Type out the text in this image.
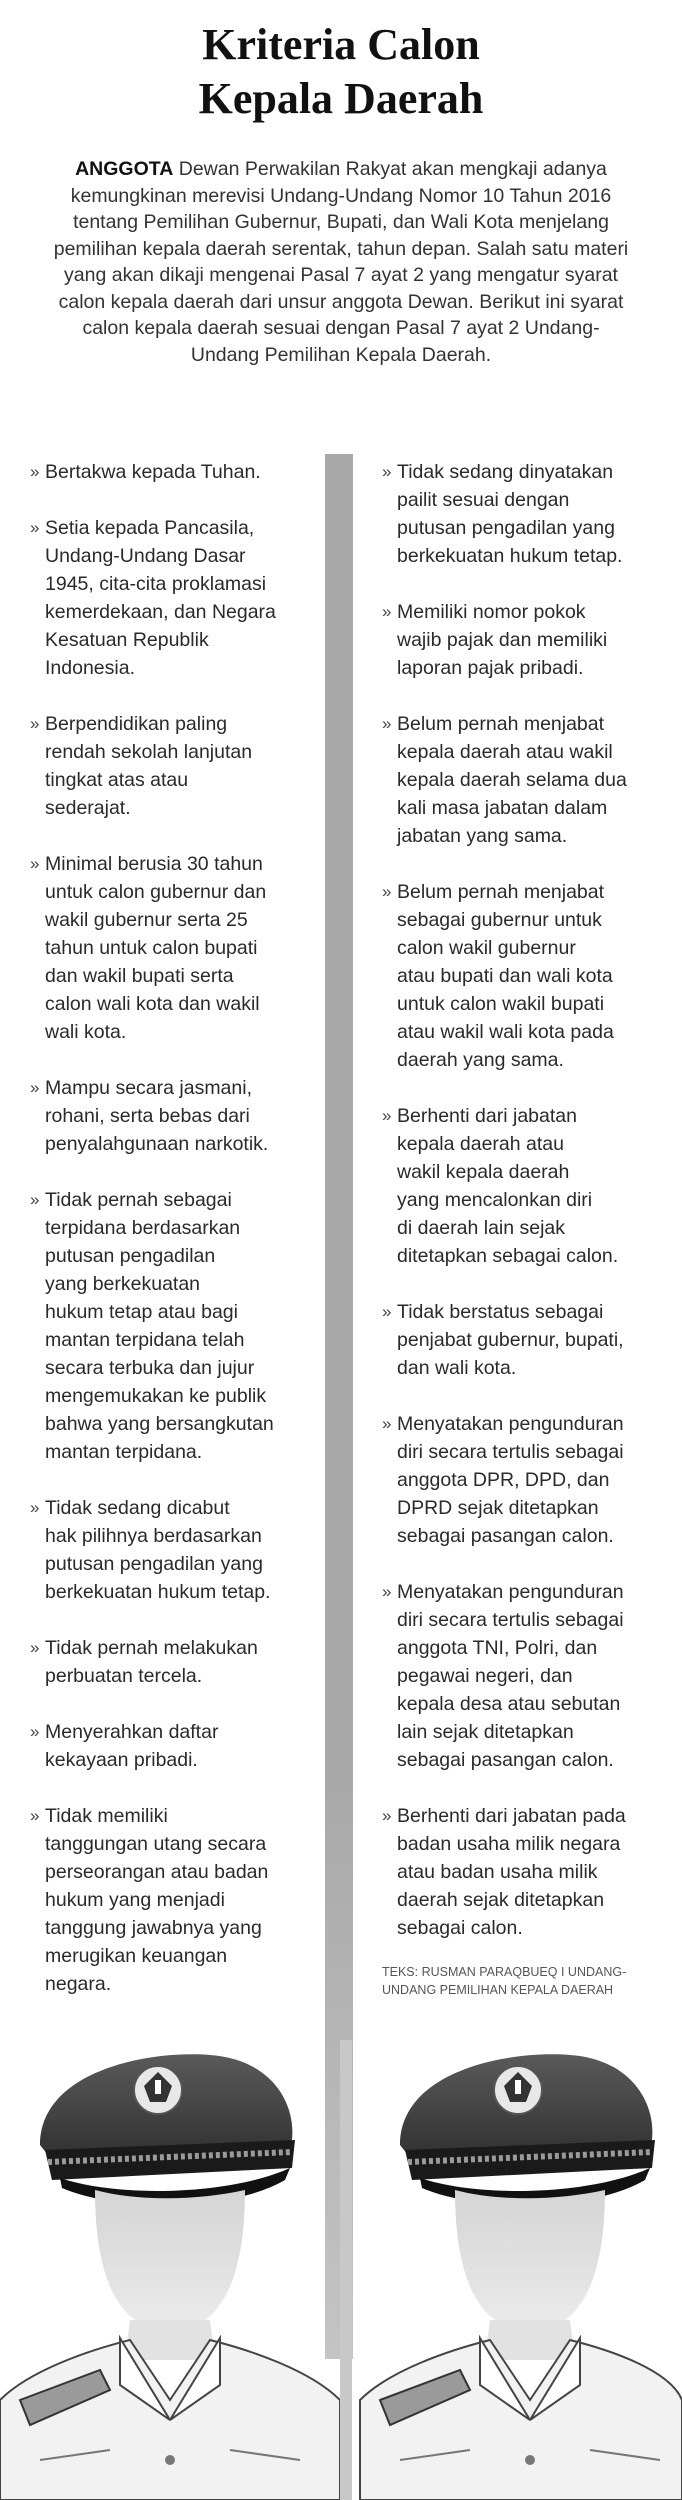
Kriteria Calon
Kepala Daerah
ANGGOTA Dewan Perwakilan Rakyat akan mengkaji adanya kemungkinan merevisi Undang-Undang Nomor 10 Tahun 2016 tentang Pemilihan Gubernur, Bupati, dan Wali Kota menjelang pemilihan kepala daerah serentak, tahun depan. Salah satu materi yang akan dikaji mengenai Pasal 7 ayat 2 yang mengatur syarat calon kepala daerah dari unsur anggota Dewan. Berikut ini syarat calon kepala daerah sesuai dengan Pasal 7 ayat 2 Undang-Undang Pemilihan Kepala Daerah.
» Bertakwa kepada Tuhan.
» Setia kepada Pancasila,
Undang-Undang Dasar
1945, cita-cita proklamasi
kemerdekaan, dan Negara
Kesatuan Republik
Indonesia.
» Berpendidikan paling
rendah sekolah lanjutan
tingkat atas atau
sederajat.
» Minimal berusia 30 tahun
untuk calon gubernur dan
wakil gubernur serta 25
tahun untuk calon bupati
dan wakil bupati serta
calon wali kota dan wakil
wali kota.
» Mampu secara jasmani,
rohani, serta bebas dari
penyalahgunaan narkotik.
» Tidak pernah sebagai
terpidana berdasarkan
putusan pengadilan
yang berkekuatan
hukum tetap atau bagi
mantan terpidana telah
secara terbuka dan jujur
mengemukakan ke publik
bahwa yang bersangkutan
mantan terpidana.
» Tidak sedang dicabut
hak pilihnya berdasarkan
putusan pengadilan yang
berkekuatan hukum tetap.
» Tidak pernah melakukan
perbuatan tercela.
» Menyerahkan daftar
kekayaan pribadi.
» Tidak memiliki
tanggungan utang secara
perseorangan atau badan
hukum yang menjadi
tanggung jawabnya yang
merugikan keuangan
negara.
» Tidak sedang dinyatakan
pailit sesuai dengan
putusan pengadilan yang
berkekuatan hukum tetap.
» Memiliki nomor pokok
wajib pajak dan memiliki
laporan pajak pribadi.
» Belum pernah menjabat
kepala daerah atau wakil
kepala daerah selama dua
kali masa jabatan dalam
jabatan yang sama.
» Belum pernah menjabat
sebagai gubernur untuk
calon wakil gubernur
atau bupati dan wali kota
untuk calon wakil bupati
atau wakil wali kota pada
daerah yang sama.
» Berhenti dari jabatan
kepala daerah atau
wakil kepala daerah
yang mencalonkan diri
di daerah lain sejak
ditetapkan sebagai calon.
» Tidak berstatus sebagai
penjabat gubernur, bupati,
dan wali kota.
» Menyatakan pengunduran
diri secara tertulis sebagai
anggota DPR, DPD, dan
DPRD sejak ditetapkan
sebagai pasangan calon.
» Menyatakan pengunduran
diri secara tertulis sebagai
anggota TNI, Polri, dan
pegawai negeri, dan
kepala desa atau sebutan
lain sejak ditetapkan
sebagai pasangan calon.
» Berhenti dari jabatan pada
badan usaha milik negara
atau badan usaha milik
daerah sejak ditetapkan
sebagai calon.
TEKS: RUSMAN PARAQBUEQ I UNDANG-UNDANG PEMILIHAN KEPALA DAERAH
